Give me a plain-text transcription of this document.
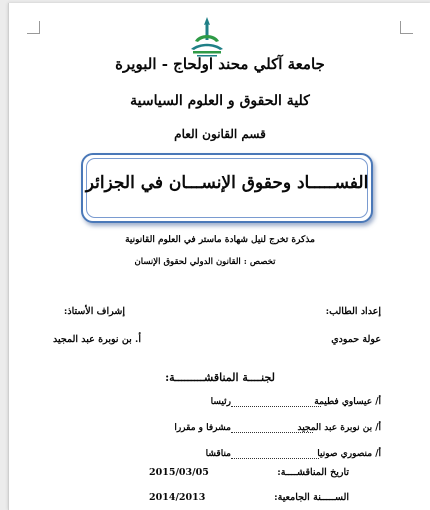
جامعة آكلي محند اولحاج - البويرة
كلية الحقوق و العلوم السياسية
قسم القانون العام
الفســـــاد وحقوق الإنســـان في الجزائر
مذكرة تخرج لنيل شهادة ماستر في العلوم القانونية
تخصص : القانون الدولي لحقوق الإنسان
إعداد الطالب:
إشراف الأستاذ:
عولة حمودي
أ. بن نوبرة عبد المجيد
لجنــــة المناقشـــــــــة:
أ/ عيساوي فطيمة
رئيسا
أ/ بن نوبرة عبد المجيد
مشرفا و مقررا
أ/ منصوري صونيا
مناقشا
تاريخ المناقشــــة:
2015/03/05
الســـــنة الجامعية:
2014/2013
